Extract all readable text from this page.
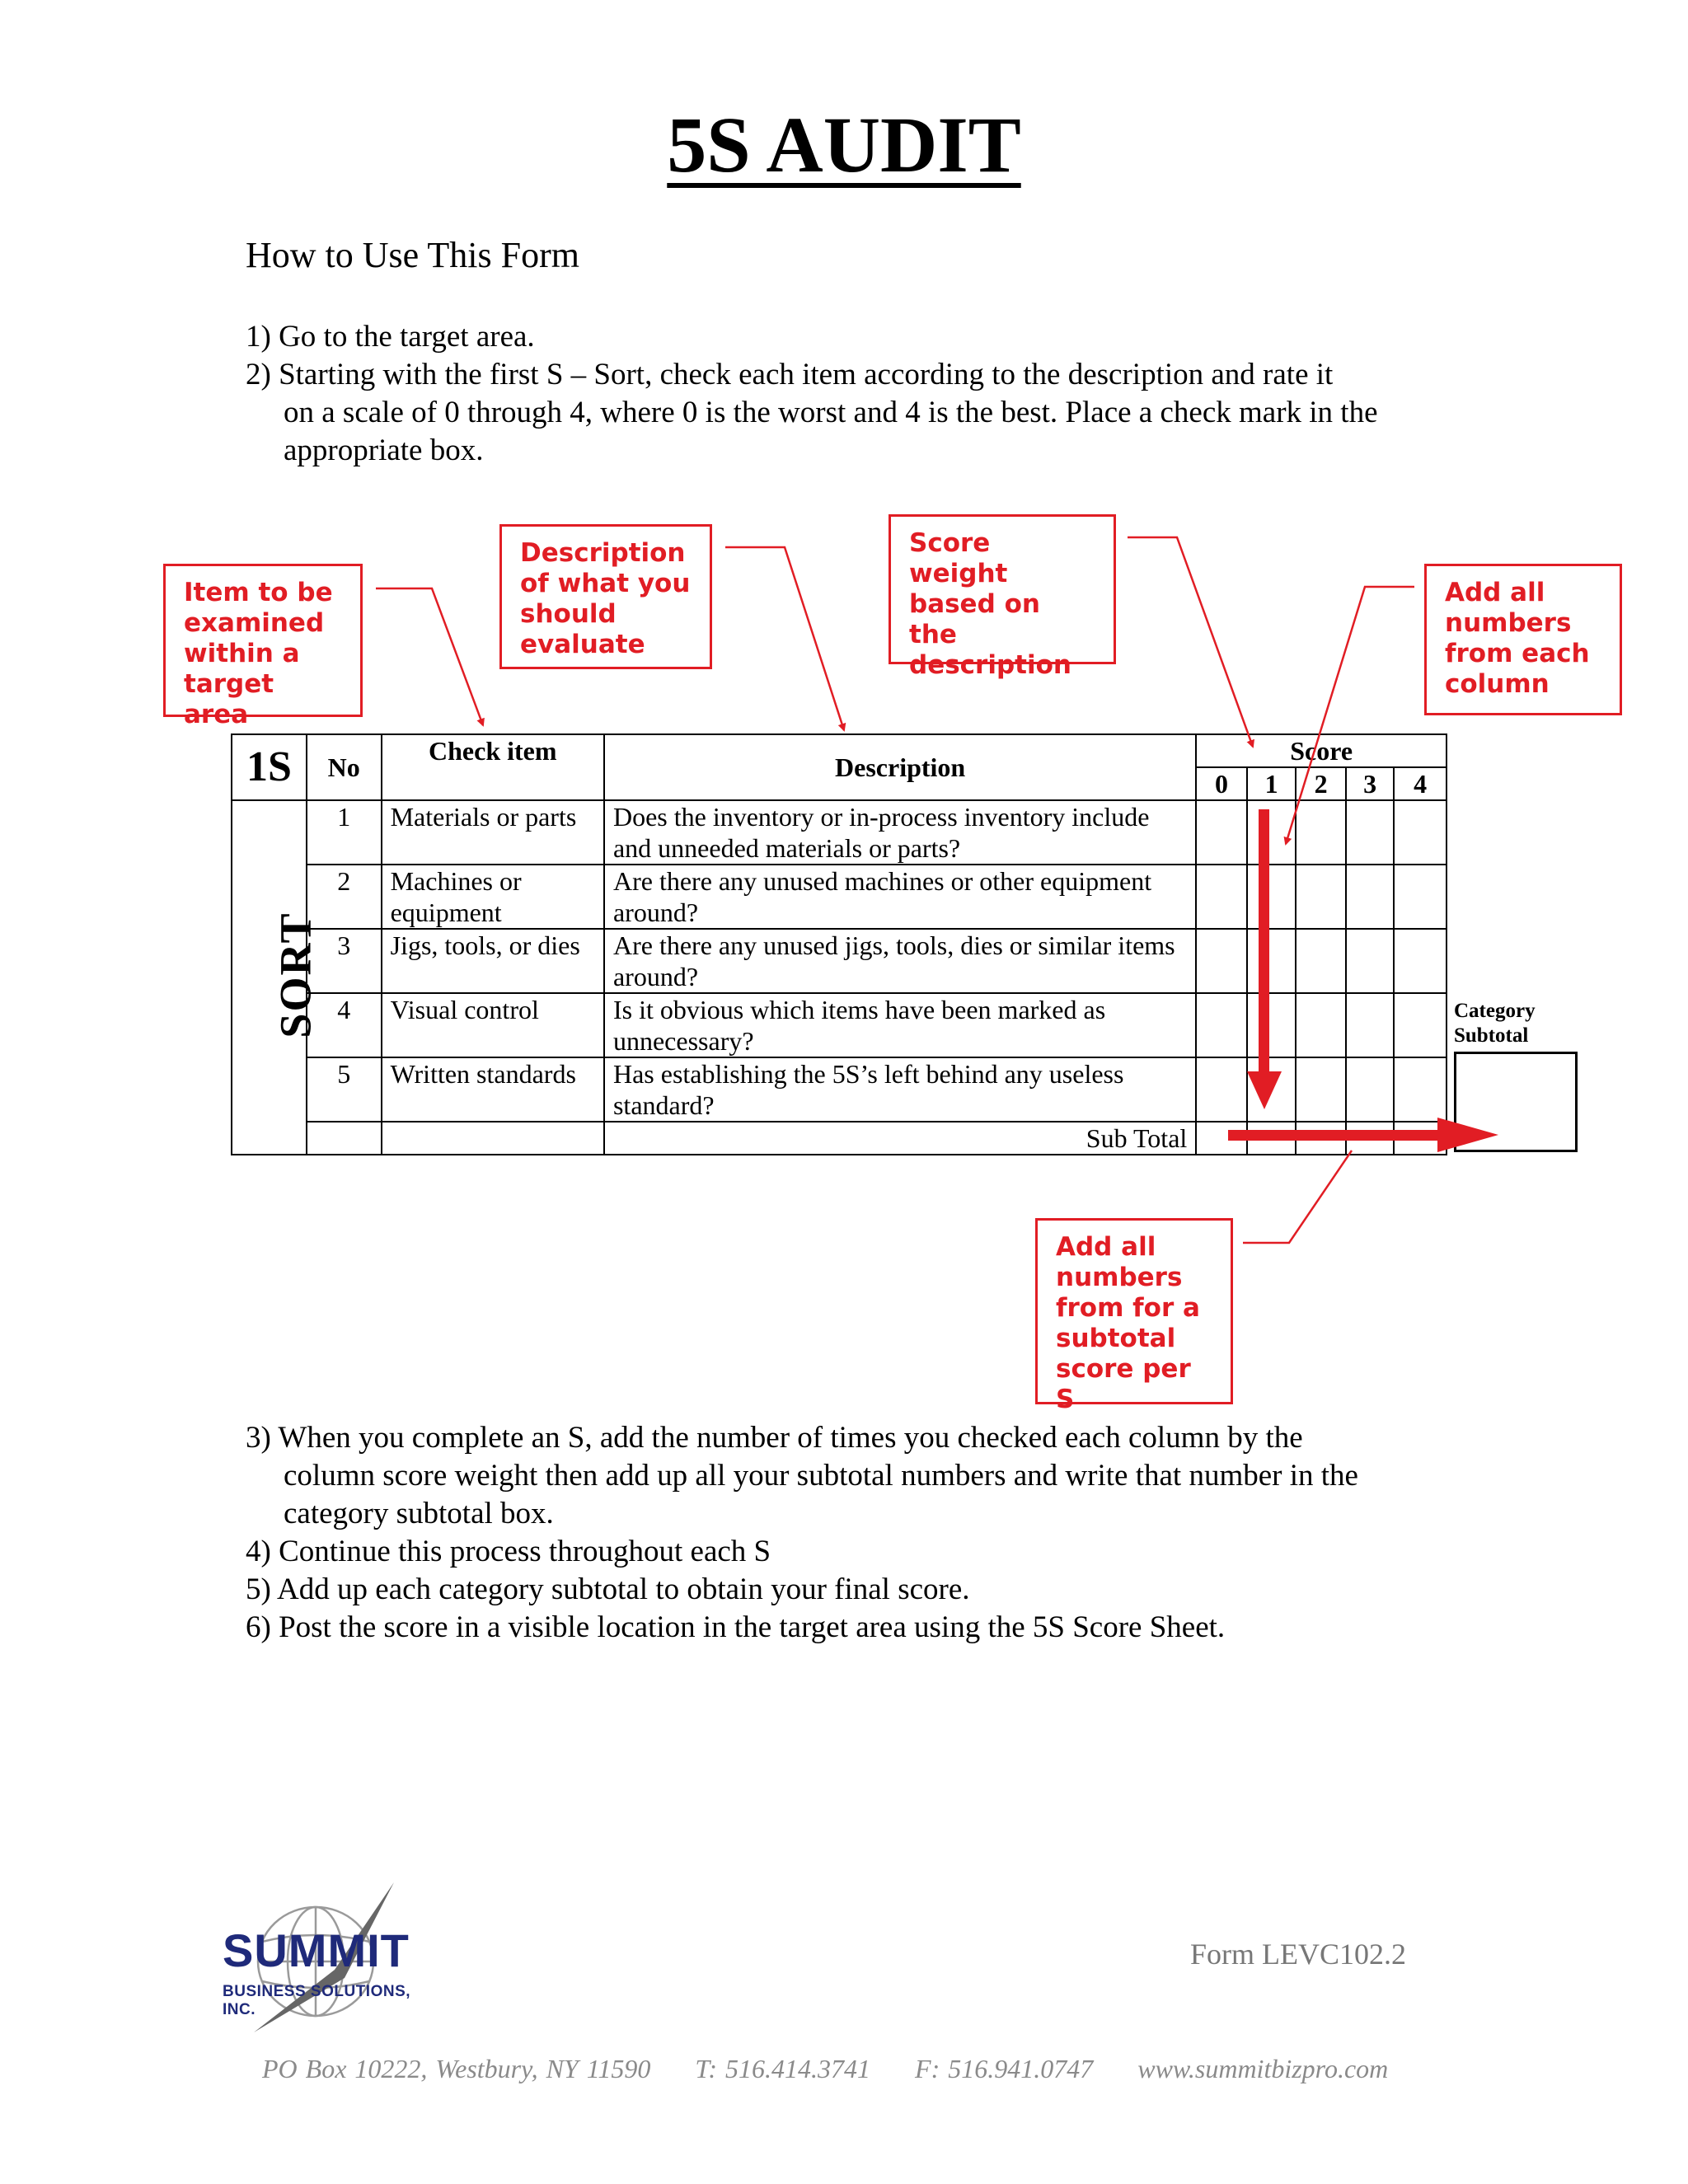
5S AUDIT
How to Use This Form
1) Go to the target area.
2) Starting with the first S – Sort, check each item according to the description and rate it
on a scale of 0 through 4, where 0 is the worst and 4 is the best. Place a check mark in the appropriate box.
Item to be examined within a target area
Description of what you should evaluate
Score weight based on the description
Add all numbers from each column
Add all numbers from for a subtotal score per S
1S	No	Check item	Description	Score				
				0	1	2	3	4
SORT	1	Materials or parts	Does the inventory or in-process inventory include and unneeded materials or parts?					
	2	Machines or equipment	Are there any unused machines or other equipment around?					
	3	Jigs, tools, or dies	Are there any unused jigs, tools, dies or similar items around?					
	4	Visual control	Is it obvious which items have been marked as unnecessary?					
	5	Written standards	Has establishing the 5S’s left behind any useless standard?					
			Sub Total					
Category Subtotal
3) When you complete an S, add the number of times you checked each column by the
column score weight then add up all your subtotal numbers and write that number in the category subtotal box.
4) Continue this process throughout each S
5) Add up each category subtotal to obtain your final score.
6) Post the score in a visible location in the target area using the 5S Score Sheet.
SUMMIT
BUSINESS SOLUTIONS, INC.
Form LEVC102.2
PO Box 10222, Westbury, NY 11590 T: 516.414.3741 F: 516.941.0747 www.summitbizpro.com
